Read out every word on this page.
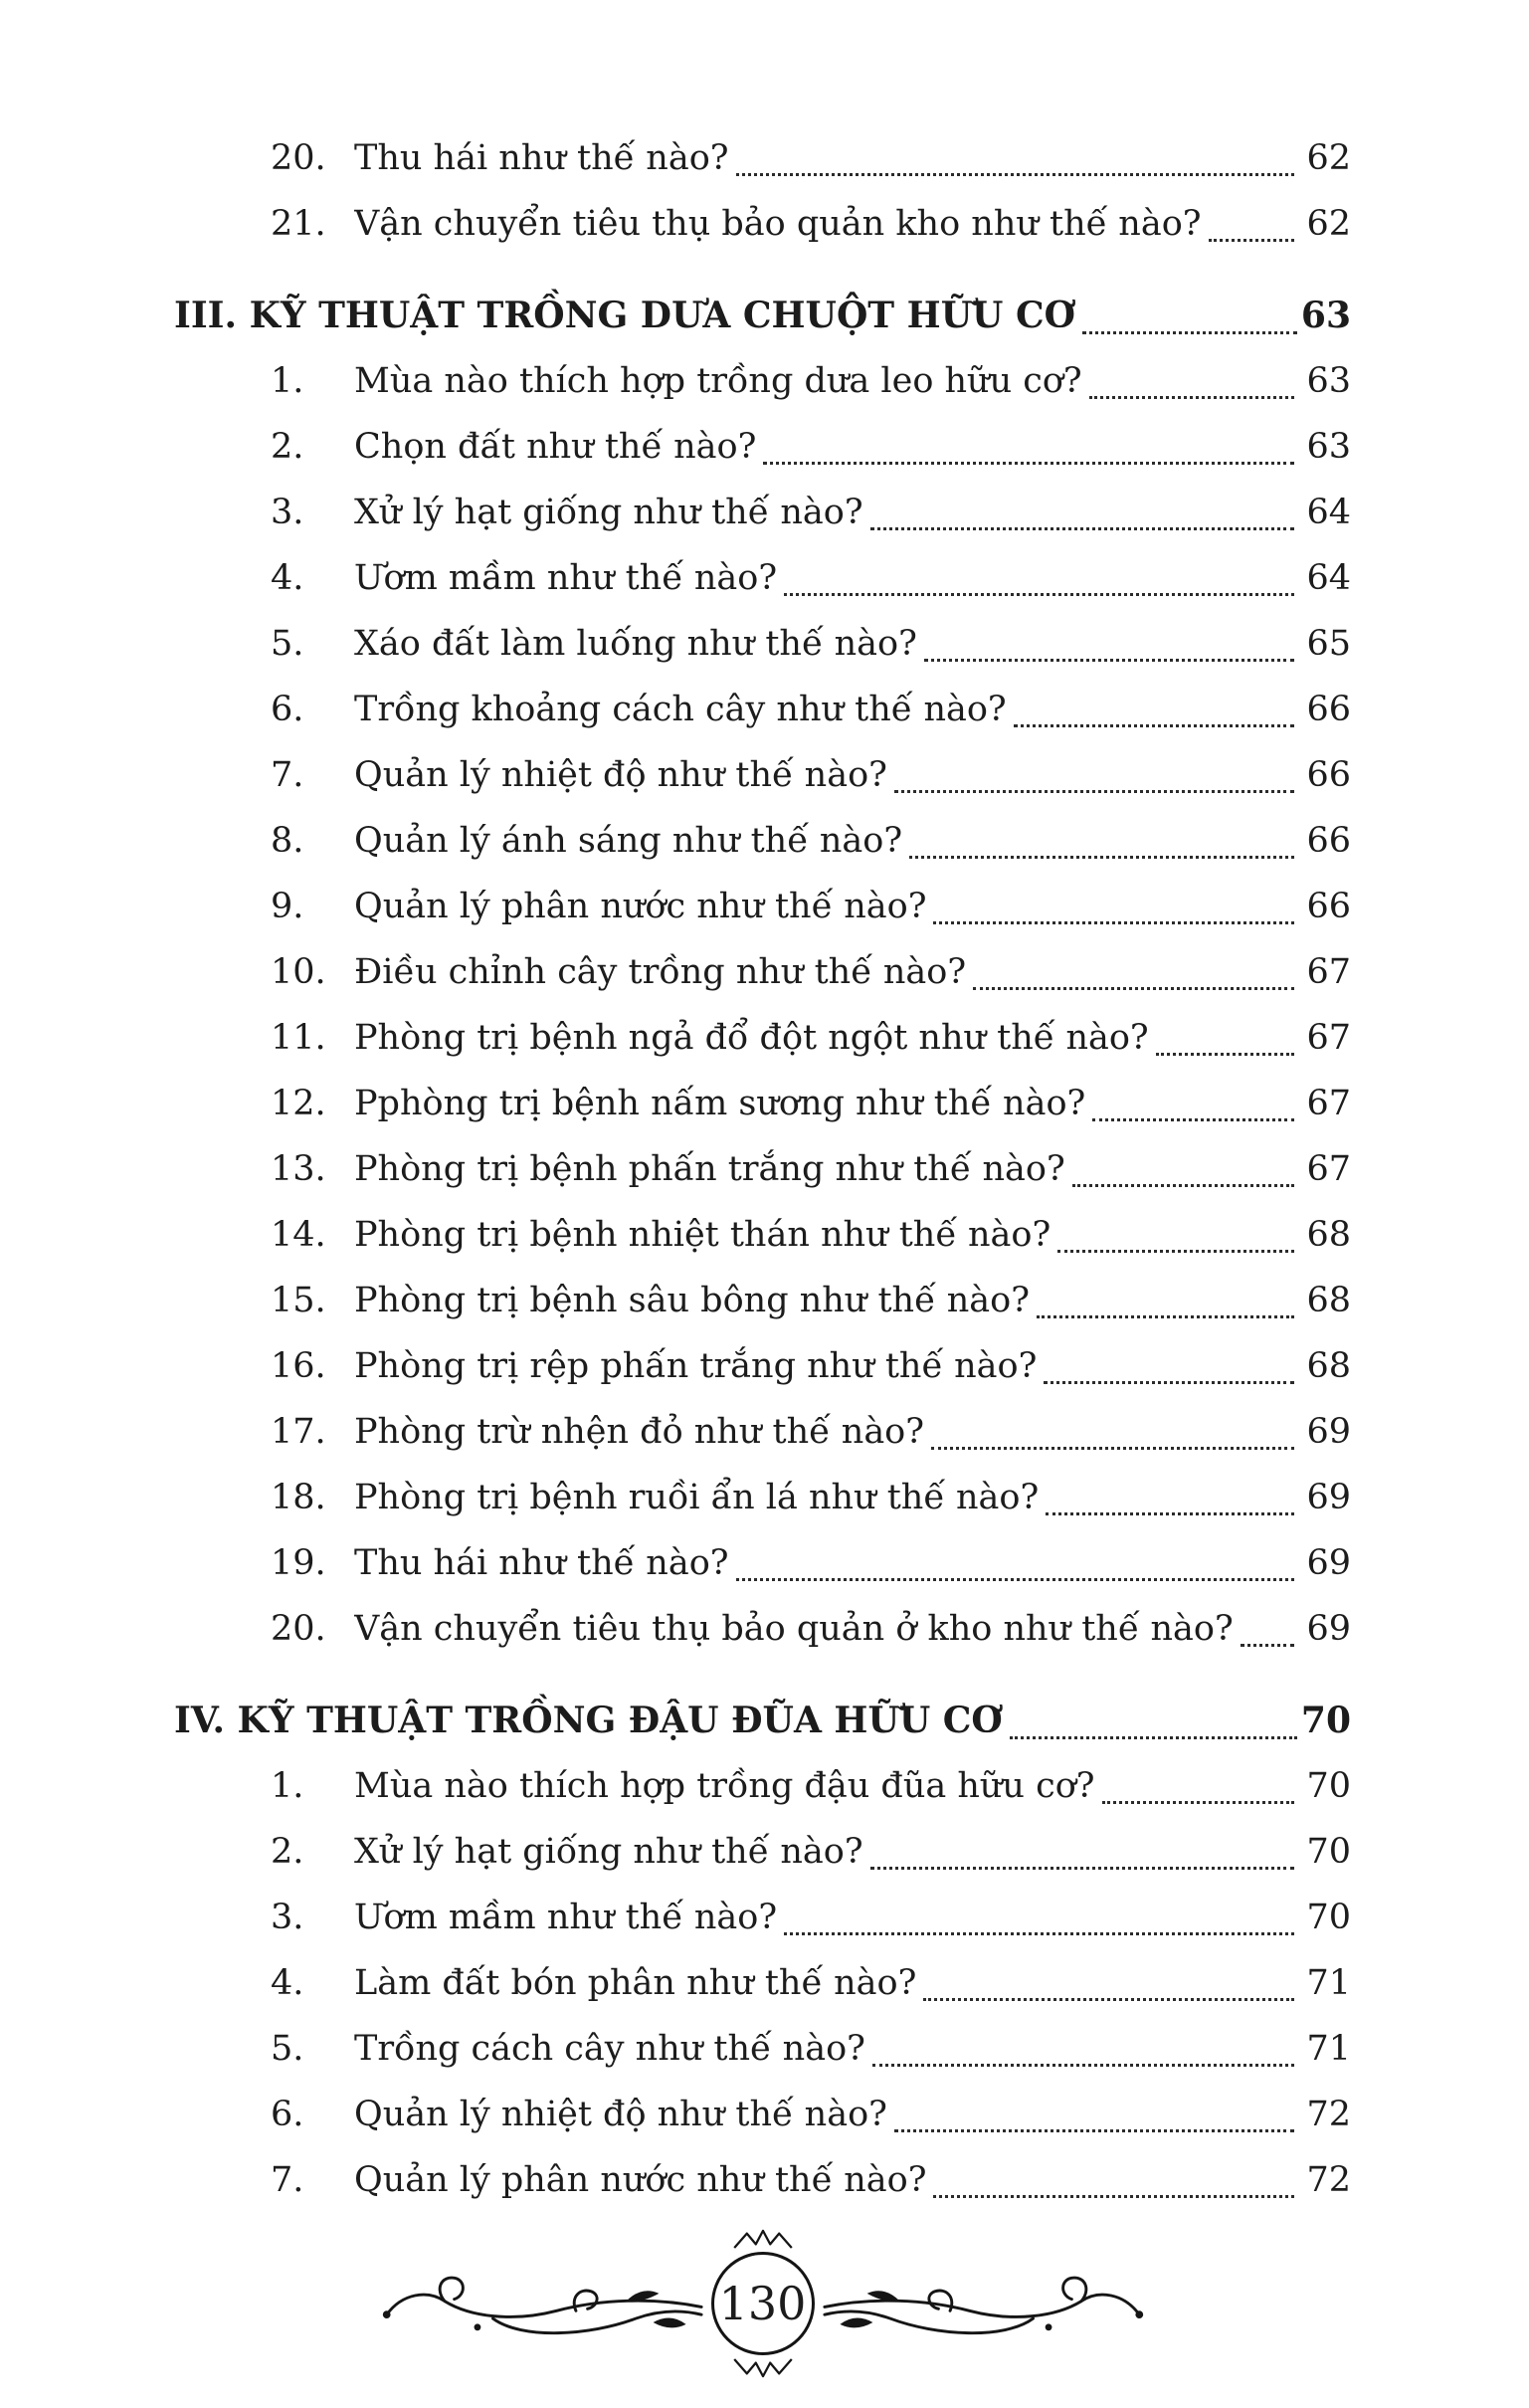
20. Thu hái như thế nào?	62
21. Vận chuyển tiêu thụ bảo quản kho như thế nào?	62
III. KỸ THUẬT TRỒNG DƯA CHUỘT HỮU CƠ	63
1.	Mùa nào thích hợp trồng dưa leo hữu cơ?	63
2.	Chọn đất như thế nào?	63
3.	Xử lý hạt giống như thế nào?	64
4.	Ươm mầm như thế nào?	64
5.	Xáo đất làm luống như thế nào?	65
6.	Trồng khoảng cách cây như thế nào?	66
7.	Quản lý nhiệt độ như thế nào?	66
8.	Quản lý ánh sáng như thế nào?	66
9.	Quản lý phân nước như thế nào?	66
10. Điều chỉnh cây trồng như thế nào?	67
11. Phòng trị bệnh ngả đổ đột ngột như thế nào?	67
12. Pphòng trị bệnh nấm sương như thế nào?	67
13. Phòng trị bệnh phấn trắng như thế nào?	67
14. Phòng trị bệnh nhiệt thán như thế nào?	68
15. Phòng trị bệnh sâu bông như thế nào?	68
16. Phòng trị rệp phấn trắng như thế nào?	68
17. Phòng trừ nhện đỏ như thế nào?	69
18. Phòng trị bệnh ruồi ẩn lá như thế nào?	69
19. Thu hái như thế nào?	69
20. Vận chuyển tiêu thụ bảo quản ở kho như thế nào? 69
IV. KỸ THUẬT TRỒNG ĐẬU ĐŨA HỮU CƠ	70
1.	Mùa nào thích hợp trồng đậu đũa hữu cơ?	70
2.	Xử lý hạt giống như thế nào?	70
3.	Ươm mầm như thế nào?	70
4.	Làm đất bón phân như thế nào?	71
5.	Trồng cách cây như thế nào?	71
6.	Quản lý nhiệt độ như thế nào?	72
7.	Quản lý phân nước như thế nào?	72
130
